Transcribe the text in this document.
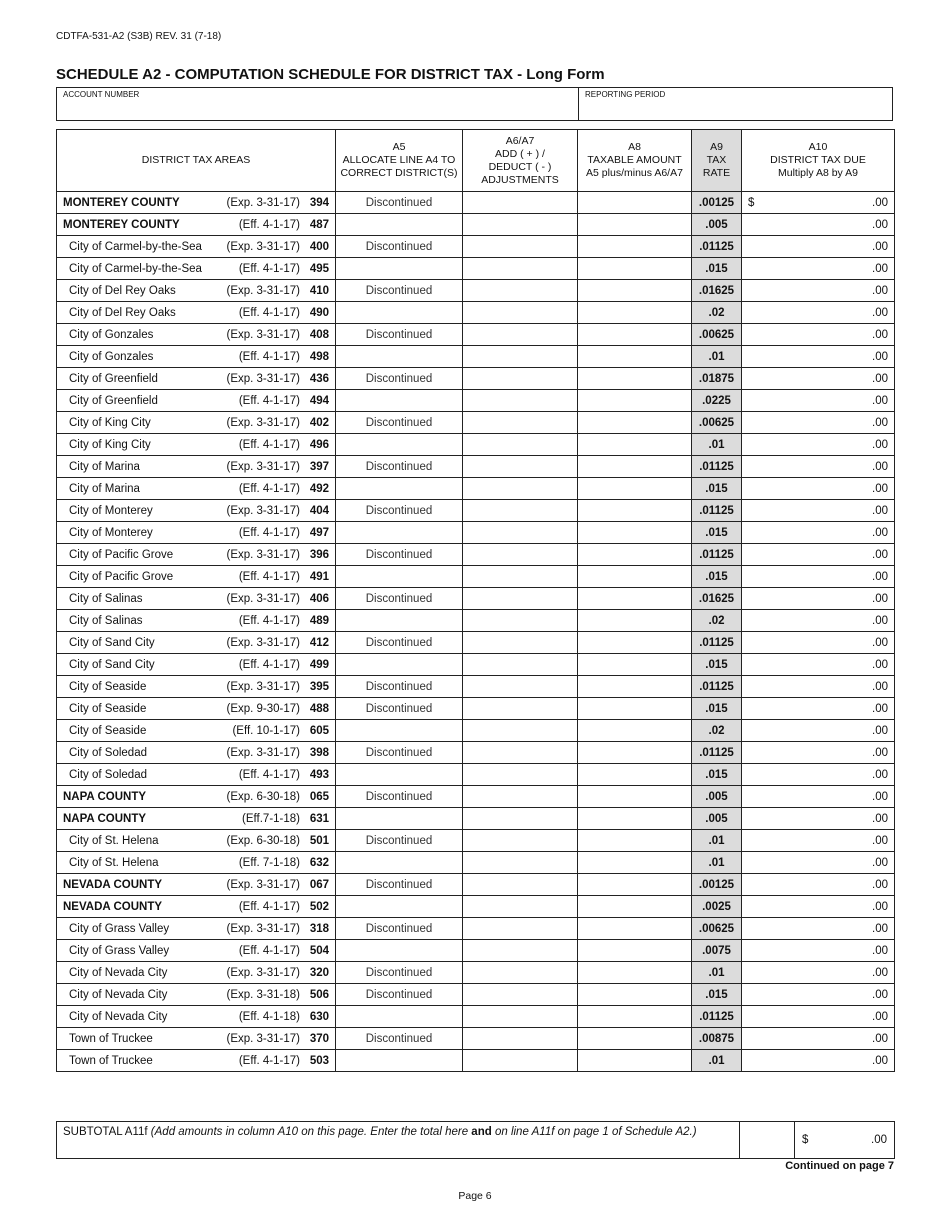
CDTFA-531-A2 (S3B) REV. 31 (7-18)
SCHEDULE A2 - COMPUTATION SCHEDULE FOR DISTRICT TAX - Long Form
ACCOUNT NUMBER	REPORTING PERIOD
DISTRICT TAX AREAS	A5
ALLOCATE LINE A4 TO
CORRECT DISTRICT(S)	A6/A7
ADD ( + ) /
DEDUCT ( - )
ADJUSTMENTS	A8
TAXABLE AMOUNT
A5 plus/minus A6/A7	A9
TAX
RATE	A10
DISTRICT TAX DUE
Multiply A8 by A9

MONTEREY COUNTY (Exp. 3-31-17) 394	Discontinued			.00125	$ .00

MONTEREY COUNTY (Eff. 4-1-17) 487				.005	.00

City of Carmel-by-the-Sea (Exp. 3-31-17) 400	Discontinued			.01125	.00

City of Carmel-by-the-Sea (Eff. 4-1-17) 495				.015	.00

City of Del Rey Oaks (Exp. 3-31-17) 410	Discontinued			.01625	.00

City of Del Rey Oaks (Eff. 4-1-17) 490				.02	.00

City of Gonzales (Exp. 3-31-17) 408	Discontinued			.00625	.00

City of Gonzales (Eff. 4-1-17) 498				.01	.00

City of Greenfield (Exp. 3-31-17) 436	Discontinued			.01875	.00

City of Greenfield (Eff. 4-1-17) 494				.0225	.00

City of King City (Exp. 3-31-17) 402	Discontinued			.00625	.00

City of King City (Eff. 4-1-17) 496				.01	.00

City of Marina (Exp. 3-31-17) 397	Discontinued			.01125	.00

City of Marina (Eff. 4-1-17) 492				.015	.00

City of Monterey (Exp. 3-31-17) 404	Discontinued			.01125	.00

City of Monterey (Eff. 4-1-17) 497				.015	.00

City of Pacific Grove (Exp. 3-31-17) 396	Discontinued			.01125	.00

City of Pacific Grove (Eff. 4-1-17) 491				.015	.00

City of Salinas (Exp. 3-31-17) 406	Discontinued			.01625	.00

City of Salinas (Eff. 4-1-17) 489				.02	.00

City of Sand City (Exp. 3-31-17) 412	Discontinued			.01125	.00

City of Sand City (Eff. 4-1-17) 499				.015	.00

City of Seaside (Exp. 3-31-17) 395	Discontinued			.01125	.00

City of Seaside (Exp. 9-30-17) 488	Discontinued			.015	.00

City of Seaside (Eff. 10-1-17) 605				.02	.00

City of Soledad (Exp. 3-31-17) 398	Discontinued			.01125	.00

City of Soledad (Eff. 4-1-17) 493				.015	.00

NAPA COUNTY (Exp. 6-30-18) 065	Discontinued			.005	.00

NAPA COUNTY (Eff.7-1-18) 631				.005	.00

City of St. Helena (Exp. 6-30-18) 501	Discontinued			.01	.00

City of St. Helena (Eff. 7-1-18) 632				.01	.00

NEVADA COUNTY (Exp. 3-31-17) 067	Discontinued			.00125	.00

NEVADA COUNTY (Eff. 4-1-17) 502				.0025	.00

City of Grass Valley (Exp. 3-31-17) 318	Discontinued			.00625	.00

City of Grass Valley (Eff. 4-1-17) 504				.0075	.00

City of Nevada City (Exp. 3-31-17) 320	Discontinued			.01	.00

City of Nevada City (Exp. 3-31-18) 506	Discontinued			.015	.00

City of Nevada City (Eff. 4-1-18) 630				.01125	.00

Town of Truckee (Exp. 3-31-17) 370	Discontinued			.00875	.00

Town of Truckee (Eff. 4-1-17) 503				.01	.00
SUBTOTAL A11f (Add amounts in column A10 on this page. Enter the total here and on line A11f on page 1 of Schedule A2.)
$	.00
Continued on page 7
Page 6
